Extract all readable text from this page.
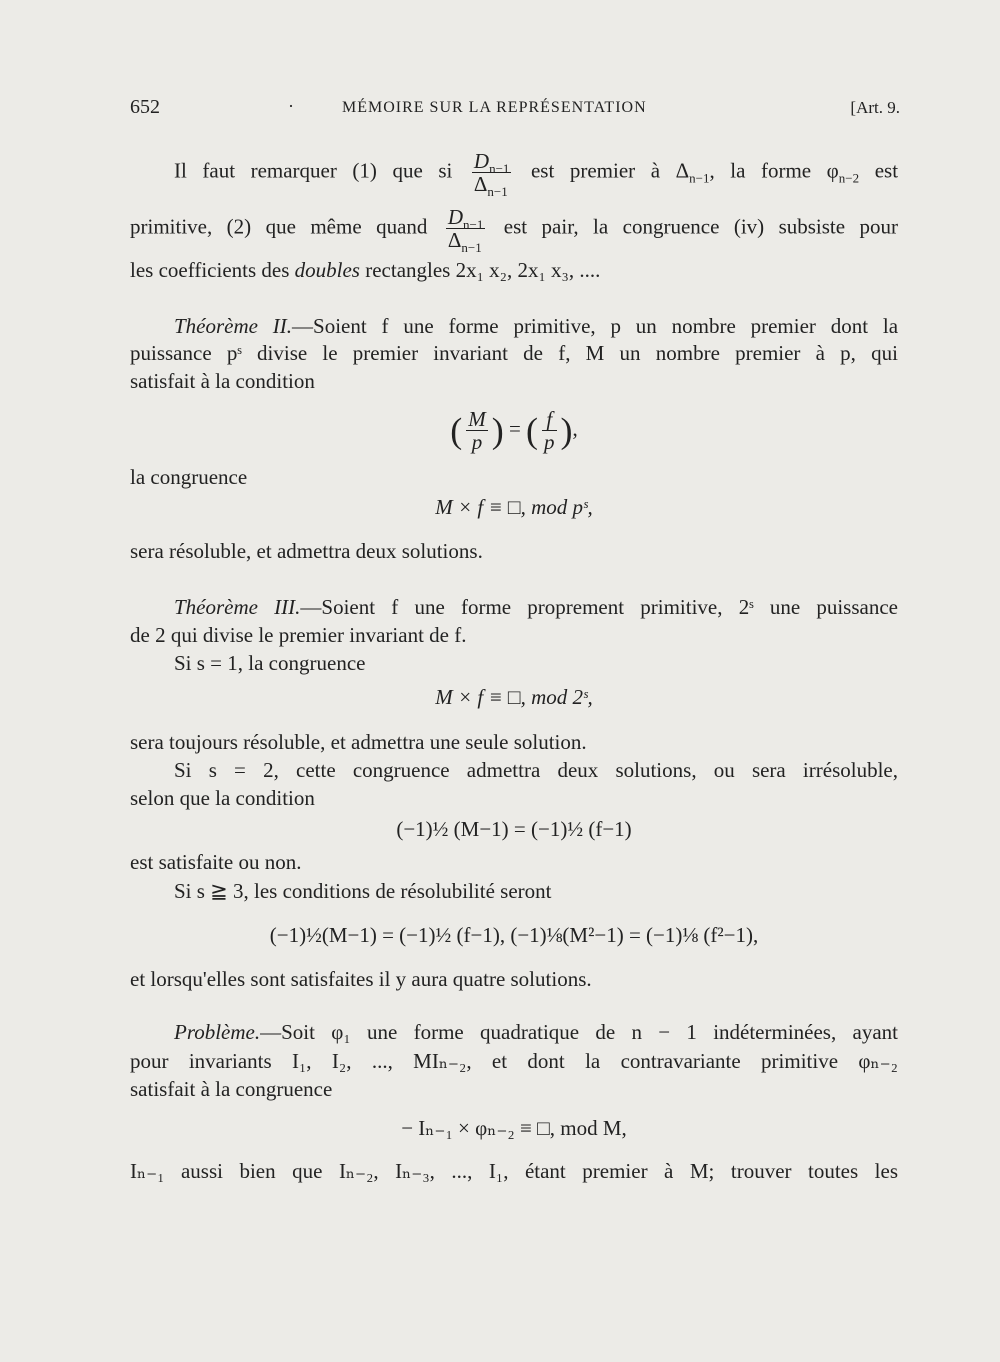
652	·	MÉMOIRE SUR LA REPRÉSENTATION	[Art. 9.
Il faut remarquer (1) que si $\frac{D_{n-1}}{\Delta_{n-1}}$ est premier à $\Delta_{n-1}$, la forme $\varphi_{n-2}$ est
primitive, (2) que même quand $\frac{D_{n-1}}{\Delta_{n-1}}$ est pair, la congruence (iv) subsiste pour
les coefficients des doubles rectangles 2x₁ x₂, 2x₁ x₃, ....
Théorème II.—Soient f une forme primitive, p un nombre premier dont la
puissance pˢ divise le premier invariant de f, M un nombre premier à p, qui
satisfait à la condition
( $\frac{M}{p}$ ) = ( $\frac{f}{p}$ ),
la congruence
M × f ≡ □, mod pˢ,
sera résoluble, et admettra deux solutions.
Théorème III.—Soient f une forme proprement primitive, 2ˢ une puissance
de 2 qui divise le premier invariant de f.
Si s = 1, la congruence
M × f ≡ □, mod 2ˢ,
sera toujours résoluble, et admettra une seule solution.
Si s = 2, cette congruence admettra deux solutions, ou sera irrésoluble,
selon que la condition
(−1)½ (M−1) = (−1)½ (f−1)
est satisfaite ou non.
Si s ≧ 3, les conditions de résolubilité seront
(−1)½(M−1) = (−1)½ (f−1), (−1)⅛(M²−1) = (−1)⅛ (f²−1),
et lorsqu'elles sont satisfaites il y aura quatre solutions.
Problème.—Soit φ₁ une forme quadratique de n − 1 indéterminées, ayant
pour invariants I₁, I₂, ..., MIₙ₋₂, et dont la contravariante primitive φₙ₋₂
satisfait à la congruence
− Iₙ₋₁ × φₙ₋₂ ≡ □, mod M,
Iₙ₋₁ aussi bien que Iₙ₋₂, Iₙ₋₃, ..., I₁, étant premier à M; trouver toutes les
